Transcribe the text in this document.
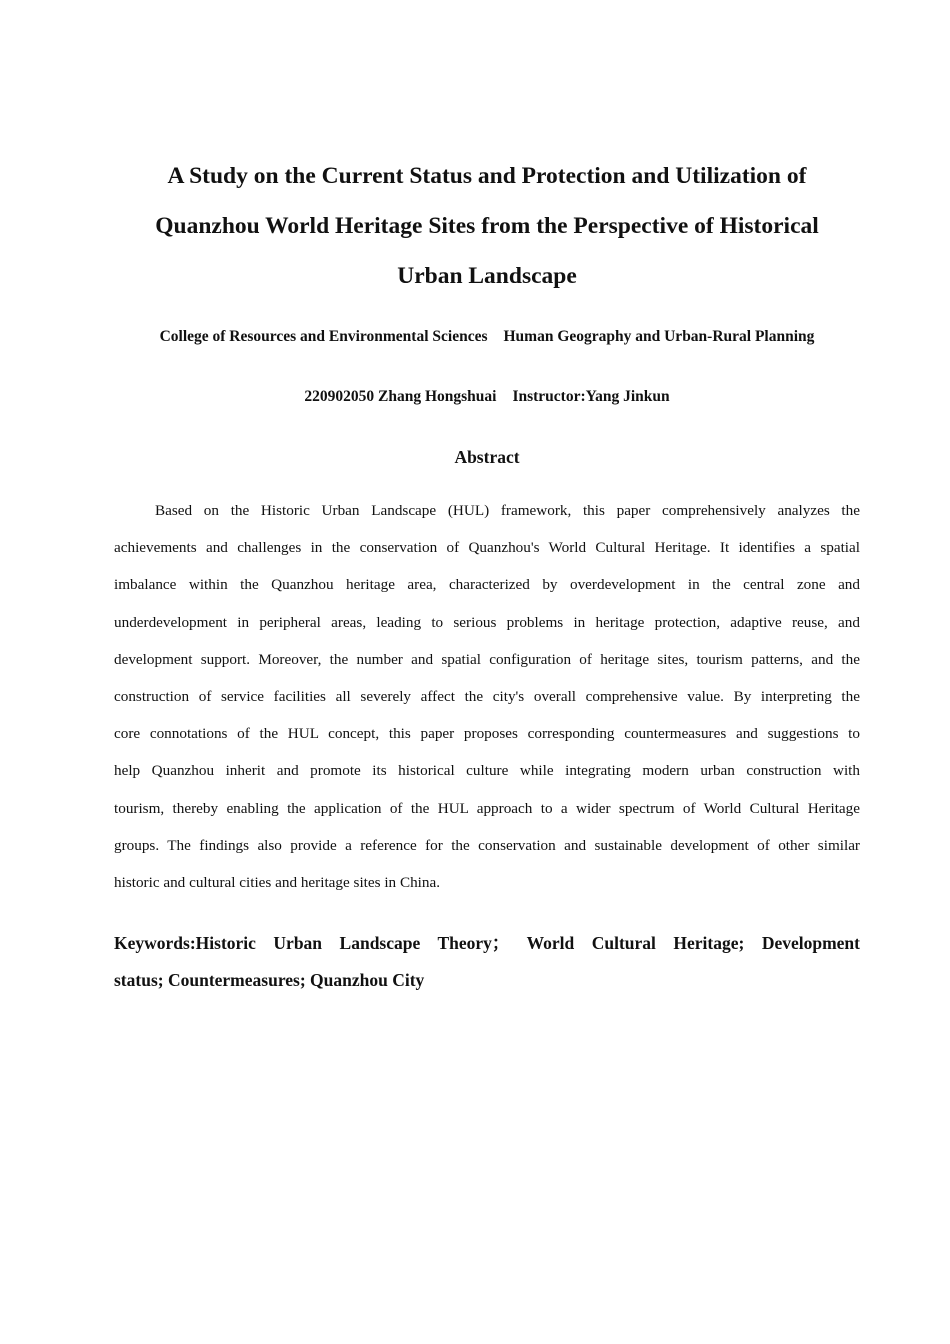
A Study on the Current Status and Protection and Utilization of
Quanzhou World Heritage Sites from the Perspective of Historical
Urban Landscape
College of Resources and Environmental Sciences Human Geography and Urban-Rural Planning
220902050 Zhang Hongshuai Instructor:Yang Jinkun
Abstract
Based on the Historic Urban Landscape (HUL) framework, this paper comprehensively analyzes the
achievements and challenges in the conservation of Quanzhou's World Cultural Heritage. It identifies a spatial
imbalance within the Quanzhou heritage area, characterized by overdevelopment in the central zone and
underdevelopment in peripheral areas, leading to serious problems in heritage protection, adaptive reuse, and
development support. Moreover, the number and spatial configuration of heritage sites, tourism patterns, and the
construction of service facilities all severely affect the city's overall comprehensive value. By interpreting the
core connotations of the HUL concept, this paper proposes corresponding countermeasures and suggestions to
help Quanzhou inherit and promote its historical culture while integrating modern urban construction with
tourism, thereby enabling the application of the HUL approach to a wider spectrum of World Cultural Heritage
groups. The findings also provide a reference for the conservation and sustainable development of other similar
historic and cultural cities and heritage sites in China.
Keywords:Historic Urban Landscape Theory； World Cultural Heritage; Development
status; Countermeasures; Quanzhou City
